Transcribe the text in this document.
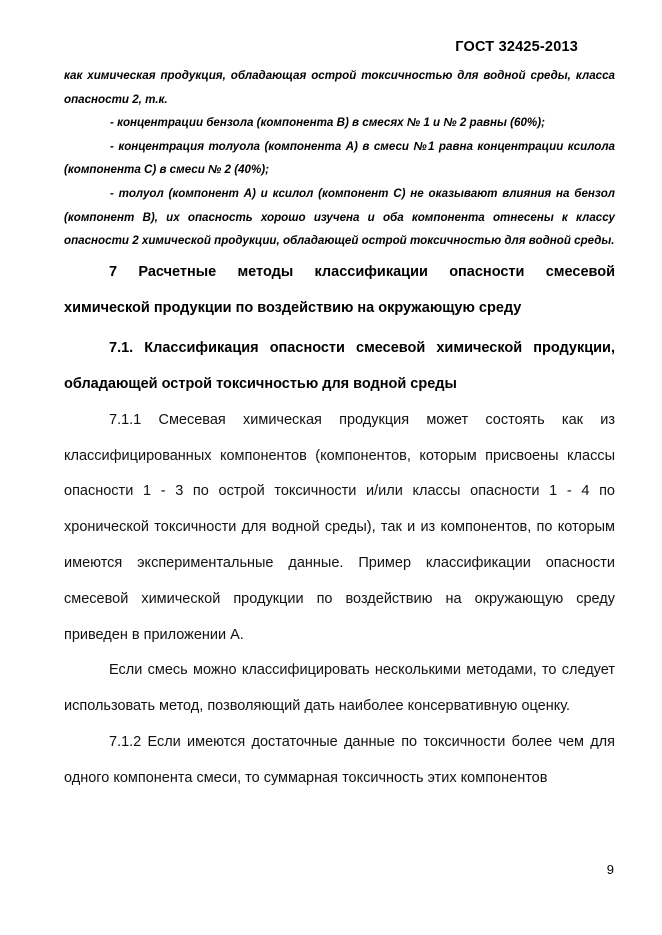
ГОСТ 32425-2013

как химическая продукция, обладающая острой токсичностью для водной среды, класса опасности 2, т.к.

- концентрации бензола (компонента В) в смесях № 1 и № 2 равны (60%);

- концентрация толуола (компонента А) в смеси №1 равна концентрации ксилола (компонента С) в смеси № 2 (40%);

- толуол (компонент А) и ксилол (компонент С) не оказывают влияния на бензол (компонент В), их опасность хорошо изучена и оба компонента отнесены к классу опасности 2 химической продукции, обладающей острой токсичностью для водной среды.

7 Расчетные методы классификации опасности смесевой химической продукции по воздействию на окружающую среду

7.1. Классификация опасности смесевой химической продукции, обладающей острой токсичностью для водной среды

7.1.1 Смесевая химическая продукция может состоять как из классифицированных компонентов (компонентов, которым присвоены классы опасности 1 - 3 по острой токсичности и/или классы опасности 1 - 4 по хронической токсичности для водной среды), так и из компонентов, по которым имеются экспериментальные данные. Пример классификации опасности смесевой химической продукции по воздействию на окружающую среду приведен в приложении А.

Если смесь можно классифицировать несколькими методами, то следует использовать метод, позволяющий дать наиболее консервативную оценку.

7.1.2 Если имеются достаточные данные по токсичности более чем для одного компонента смеси, то суммарная токсичность этих компонентов

9
